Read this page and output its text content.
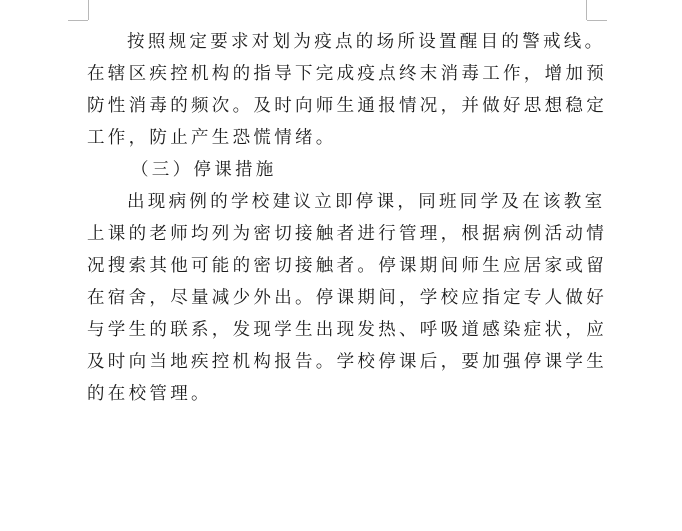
按照规定要求对划为疫点的场所设置醒目的警戒线。
在辖区疾控机构的指导下完成疫点终末消毒工作，增加预
防性消毒的频次。及时向师生通报情况，并做好思想稳定
工作，防止产生恐慌情绪。
（三）停课措施
出现病例的学校建议立即停课，同班同学及在该教室
上课的老师均列为密切接触者进行管理，根据病例活动情
况搜索其他可能的密切接触者。停课期间师生应居家或留
在宿舍，尽量减少外出。停课期间，学校应指定专人做好
与学生的联系，发现学生出现发热、呼吸道感染症状，应
及时向当地疾控机构报告。学校停课后，要加强停课学生
的在校管理。
